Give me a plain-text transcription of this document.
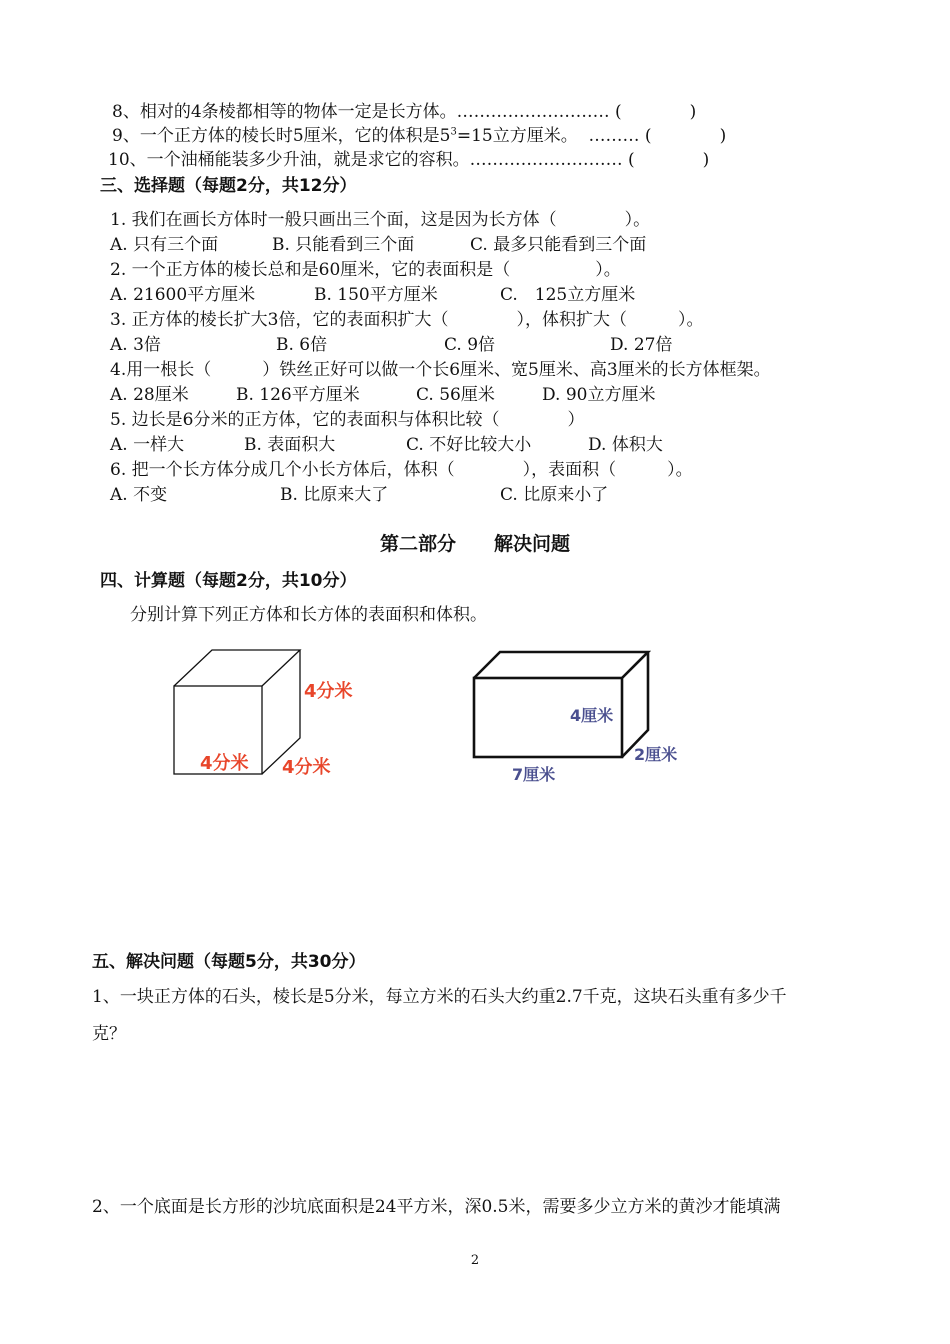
8、相对的4条棱都相等的物体一定是长方体。……………………… (　　　　)
9、一个正方体的棱长时5厘米，它的体积是$5^3=15$立方厘米。 ……… (　　　　)
10、一个油桶能装多少升油，就是求它的容积。……………………… (　　　　)
三、选择题（每题2分，共12分）
1. 我们在画长方体时一般只画出三个面，这是因为长方体（　　　　）。
A. 只有三个面	B. 只能看到三个面	C. 最多只能看到三个面
2. 一个正方体的棱长总和是60厘米，它的表面积是（　　　　　）。
A. 21600平方厘米	B. 150平方厘米	C.　125立方厘米
3. 正方体的棱长扩大3倍，它的表面积扩大（　　　　），体积扩大（　　　）。
A. 3倍	B. 6倍	C. 9倍	D. 27倍
4.用一根长（　　　）铁丝正好可以做一个长6厘米、宽5厘米、高3厘米的长方体框架。
A. 28厘米	B. 126平方厘米	C. 56厘米	D. 90立方厘米
5. 边长是6分米的正方体，它的表面积与体积比较（　　　　）
A. 一样大	B. 表面积大	C. 不好比较大小	D. 体积大
6. 把一个长方体分成几个小长方体后，体积（　　　　），表面积（　　　）。
A. 不变	B. 比原来大了	C. 比原来小了
第二部分　　解决问题
四、计算题（每题2分，共10分）
分别计算下列正方体和长方体的表面积和体积。
4分米
4分米 4分米
4厘米
2厘米
7厘米
五、解决问题（每题5分，共30分）
1、一块正方体的石头，棱长是5分米，每立方米的石头大约重2.7千克，这块石头重有多少千
克？
2、一个底面是长方形的沙坑底面积是24平方米，深0.5米，需要多少立方米的黄沙才能填满
2
